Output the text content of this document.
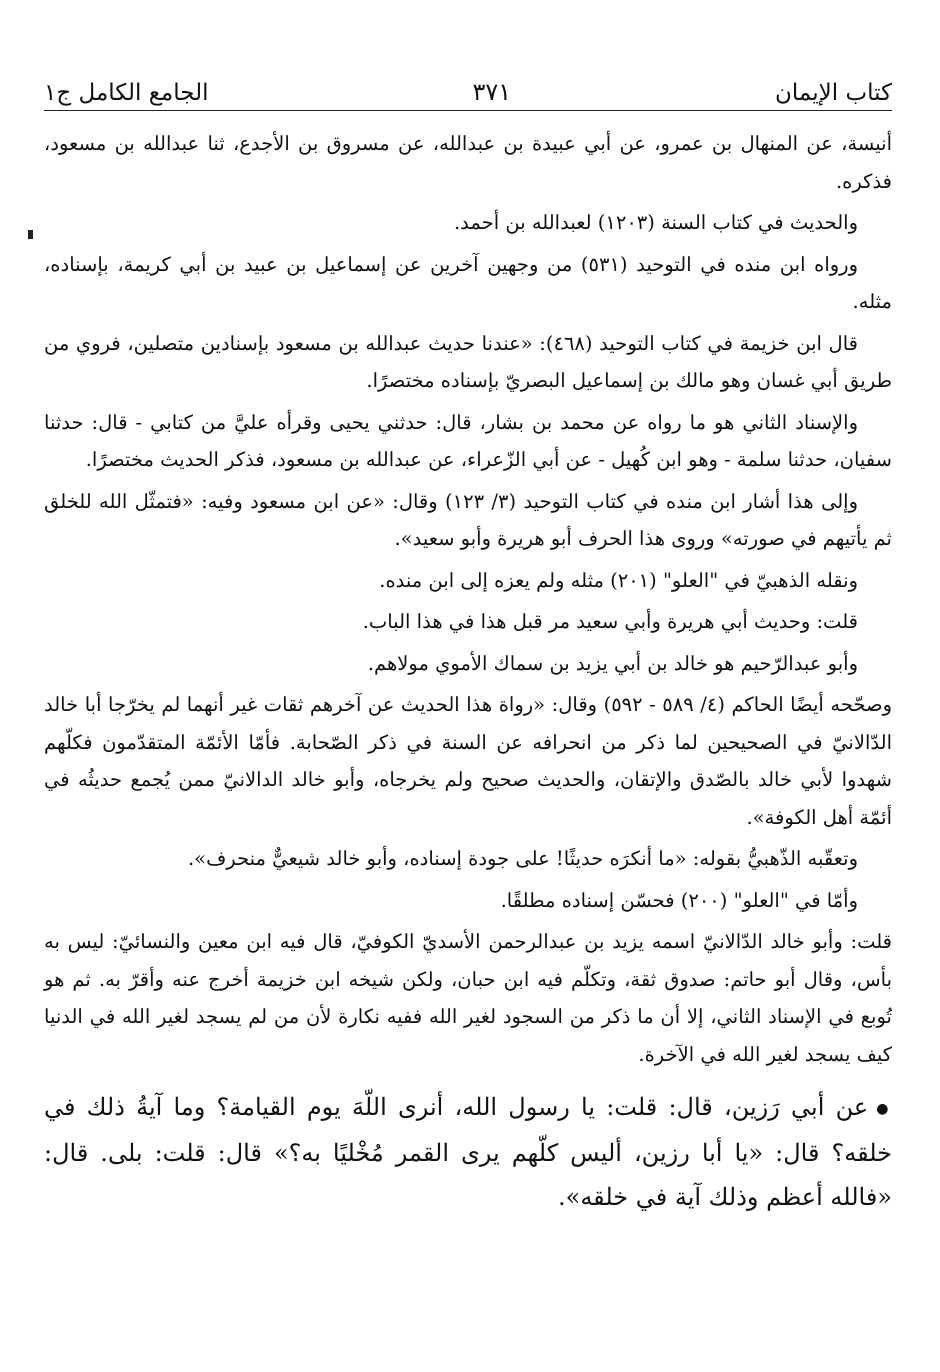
كتاب الإيمان
٣٧١
الجامع الكامل ج١

أنيسة، عن المنهال بن عمرو، عن أبي عبيدة بن عبدالله، عن مسروق بن الأجدع، ثنا عبدالله بن مسعود، فذكره.

والحديث في كتاب السنة (١٢٠٣) لعبدالله بن أحمد.

ورواه ابن منده في التوحيد (٥٣١) من وجهين آخرين عن إسماعيل بن عبيد بن أبي كريمة، بإسناده، مثله.

قال ابن خزيمة في كتاب التوحيد (٤٦٨): «عندنا حديث عبدالله بن مسعود بإسنادين متصلين، فروي من طريق أبي غسان وهو مالك بن إسماعيل البصريّ بإسناده مختصرًا.

والإسناد الثاني هو ما رواه عن محمد بن بشار، قال: حدثني يحيى وقرأه عليَّ من كتابي - قال: حدثنا سفيان، حدثنا سلمة - وهو ابن كُهيل - عن أبي الزّعراء، عن عبدالله بن مسعود، فذكر الحديث مختصرًا.

وإلى هذا أشار ابن منده في كتاب التوحيد (٣/ ١٢٣) وقال: «عن ابن مسعود وفيه: «فتمثّل الله للخلق ثم يأتيهم في صورته» وروى هذا الحرف أبو هريرة وأبو سعيد».

ونقله الذهبيّ في "العلو" (٢٠١) مثله ولم يعزه إلى ابن منده.

قلت: وحديث أبي هريرة وأبي سعيد مر قبل هذا في هذا الباب.

وأبو عبدالرّحيم هو خالد بن أبي يزيد بن سماك الأموي مولاهم.

وصحّحه أيضًا الحاكم (٤/ ٥٨٩ - ٥٩٢) وقال: «رواة هذا الحديث عن آخرهم ثقات غير أنهما لم يخرّجا أبا خالد الدّالانيّ في الصحيحين لما ذكر من انحرافه عن السنة في ذكر الصّحابة. فأمّا الأئمّة المتقدّمون فكلّهم شهدوا لأبي خالد بالصّدق والإتقان، والحديث صحيح ولم يخرجاه، وأبو خالد الدالانيّ ممن يُجمع حديثُه في أئمّة أهل الكوفة».

وتعقّبه الذّهبيُّ بقوله: «ما أنكرَه حديثًا! على جودة إسناده، وأبو خالد شيعيٌّ منحرف».

وأمّا في "العلو" (٢٠٠) فحسّن إسناده مطلقًا.

قلت: وأبو خالد الدّالانيّ اسمه يزيد بن عبدالرحمن الأسديّ الكوفيّ، قال فيه ابن معين والنسائيّ: ليس به بأس، وقال أبو حاتم: صدوق ثقة، وتكلّم فيه ابن حبان، ولكن شيخه ابن خزيمة أخرج عنه وأقرّ به. ثم هو تُوبع في الإسناد الثاني، إلا أن ما ذكر من السجود لغير الله ففيه نكارة لأن من لم يسجد لغير الله في الدنيا كيف يسجد لغير الله في الآخرة.

●عن أبي رَزين، قال: قلت: يا رسول الله، أنرى اللّهَ يوم القيامة؟ وما آيةُ ذلك في خلقه؟ قال: «يا أبا رزين، أليس كلّهم يرى القمر مُخْليًا به؟» قال: قلت: بلى. قال: «فالله أعظم وذلك آية في خلقه».
